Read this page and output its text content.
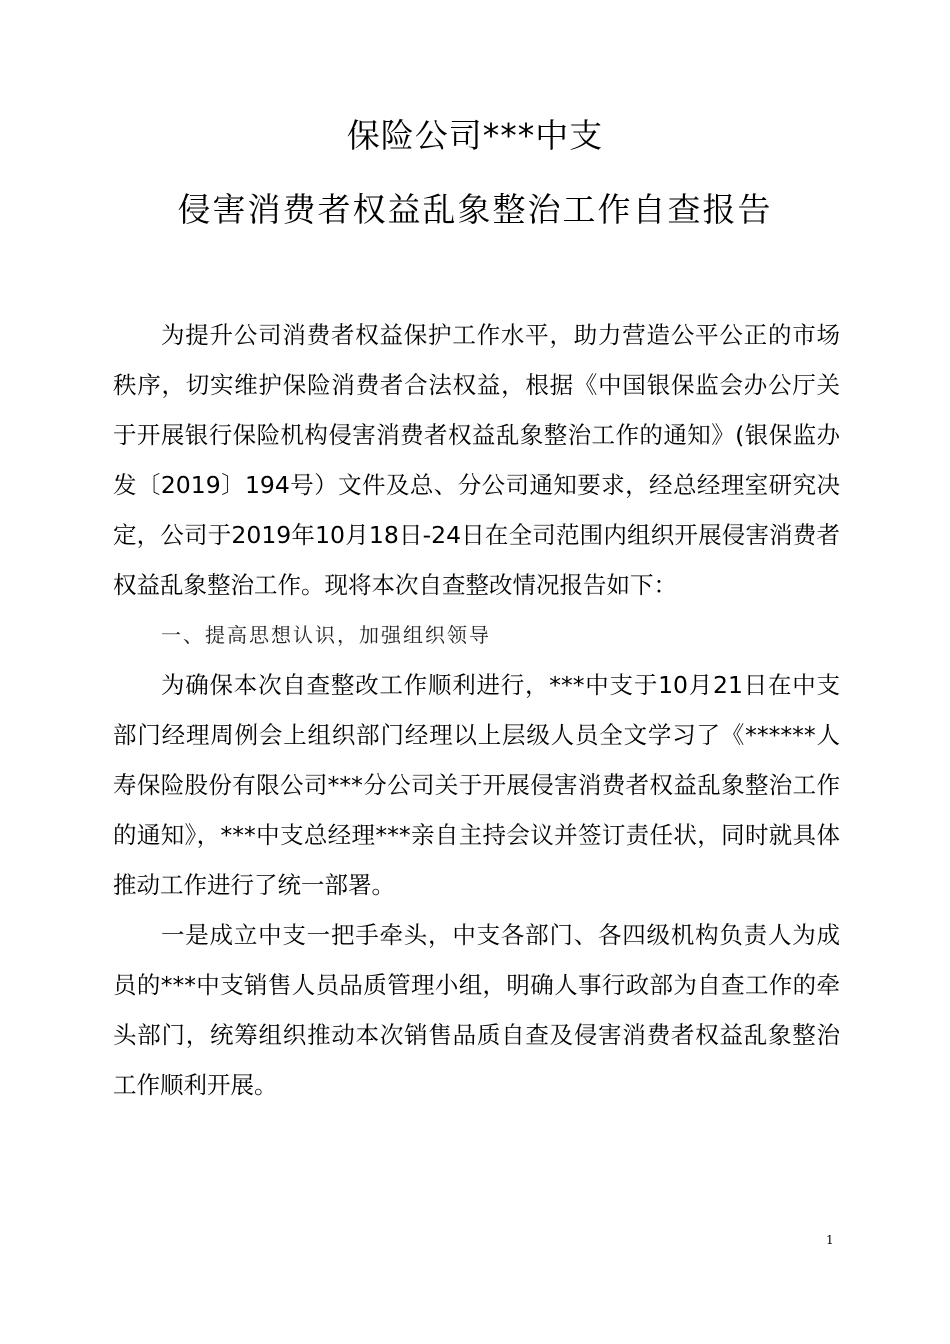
保险公司***中支
侵害消费者权益乱象整治工作自查报告

为提升公司消费者权益保护工作水平，助力营造公平公正的市场秩序，切实维护保险消费者合法权益，根据《中国银保监会办公厅关于开展银行保险机构侵害消费者权益乱象整治工作的通知》(银保监办发〔2019〕194号）文件及总、分公司通知要求，经总经理室研究决定，公司于2019年10月18日-24日在全司范围内组织开展侵害消费者权益乱象整治工作。现将本次自查整改情况报告如下：

一、提高思想认识，加强组织领导

为确保本次自查整改工作顺利进行，***中支于10月21日在中支部门经理周例会上组织部门经理以上层级人员全文学习了《******人寿保险股份有限公司***分公司关于开展侵害消费者权益乱象整治工作的通知》，***中支总经理***亲自主持会议并签订责任状，同时就具体推动工作进行了统一部署。

一是成立中支一把手牵头，中支各部门、各四级机构负责人为成员的***中支销售人员品质管理小组，明确人事行政部为自查工作的牵头部门，统筹组织推动本次销售品质自查及侵害消费者权益乱象整治工作顺利开展。

1
